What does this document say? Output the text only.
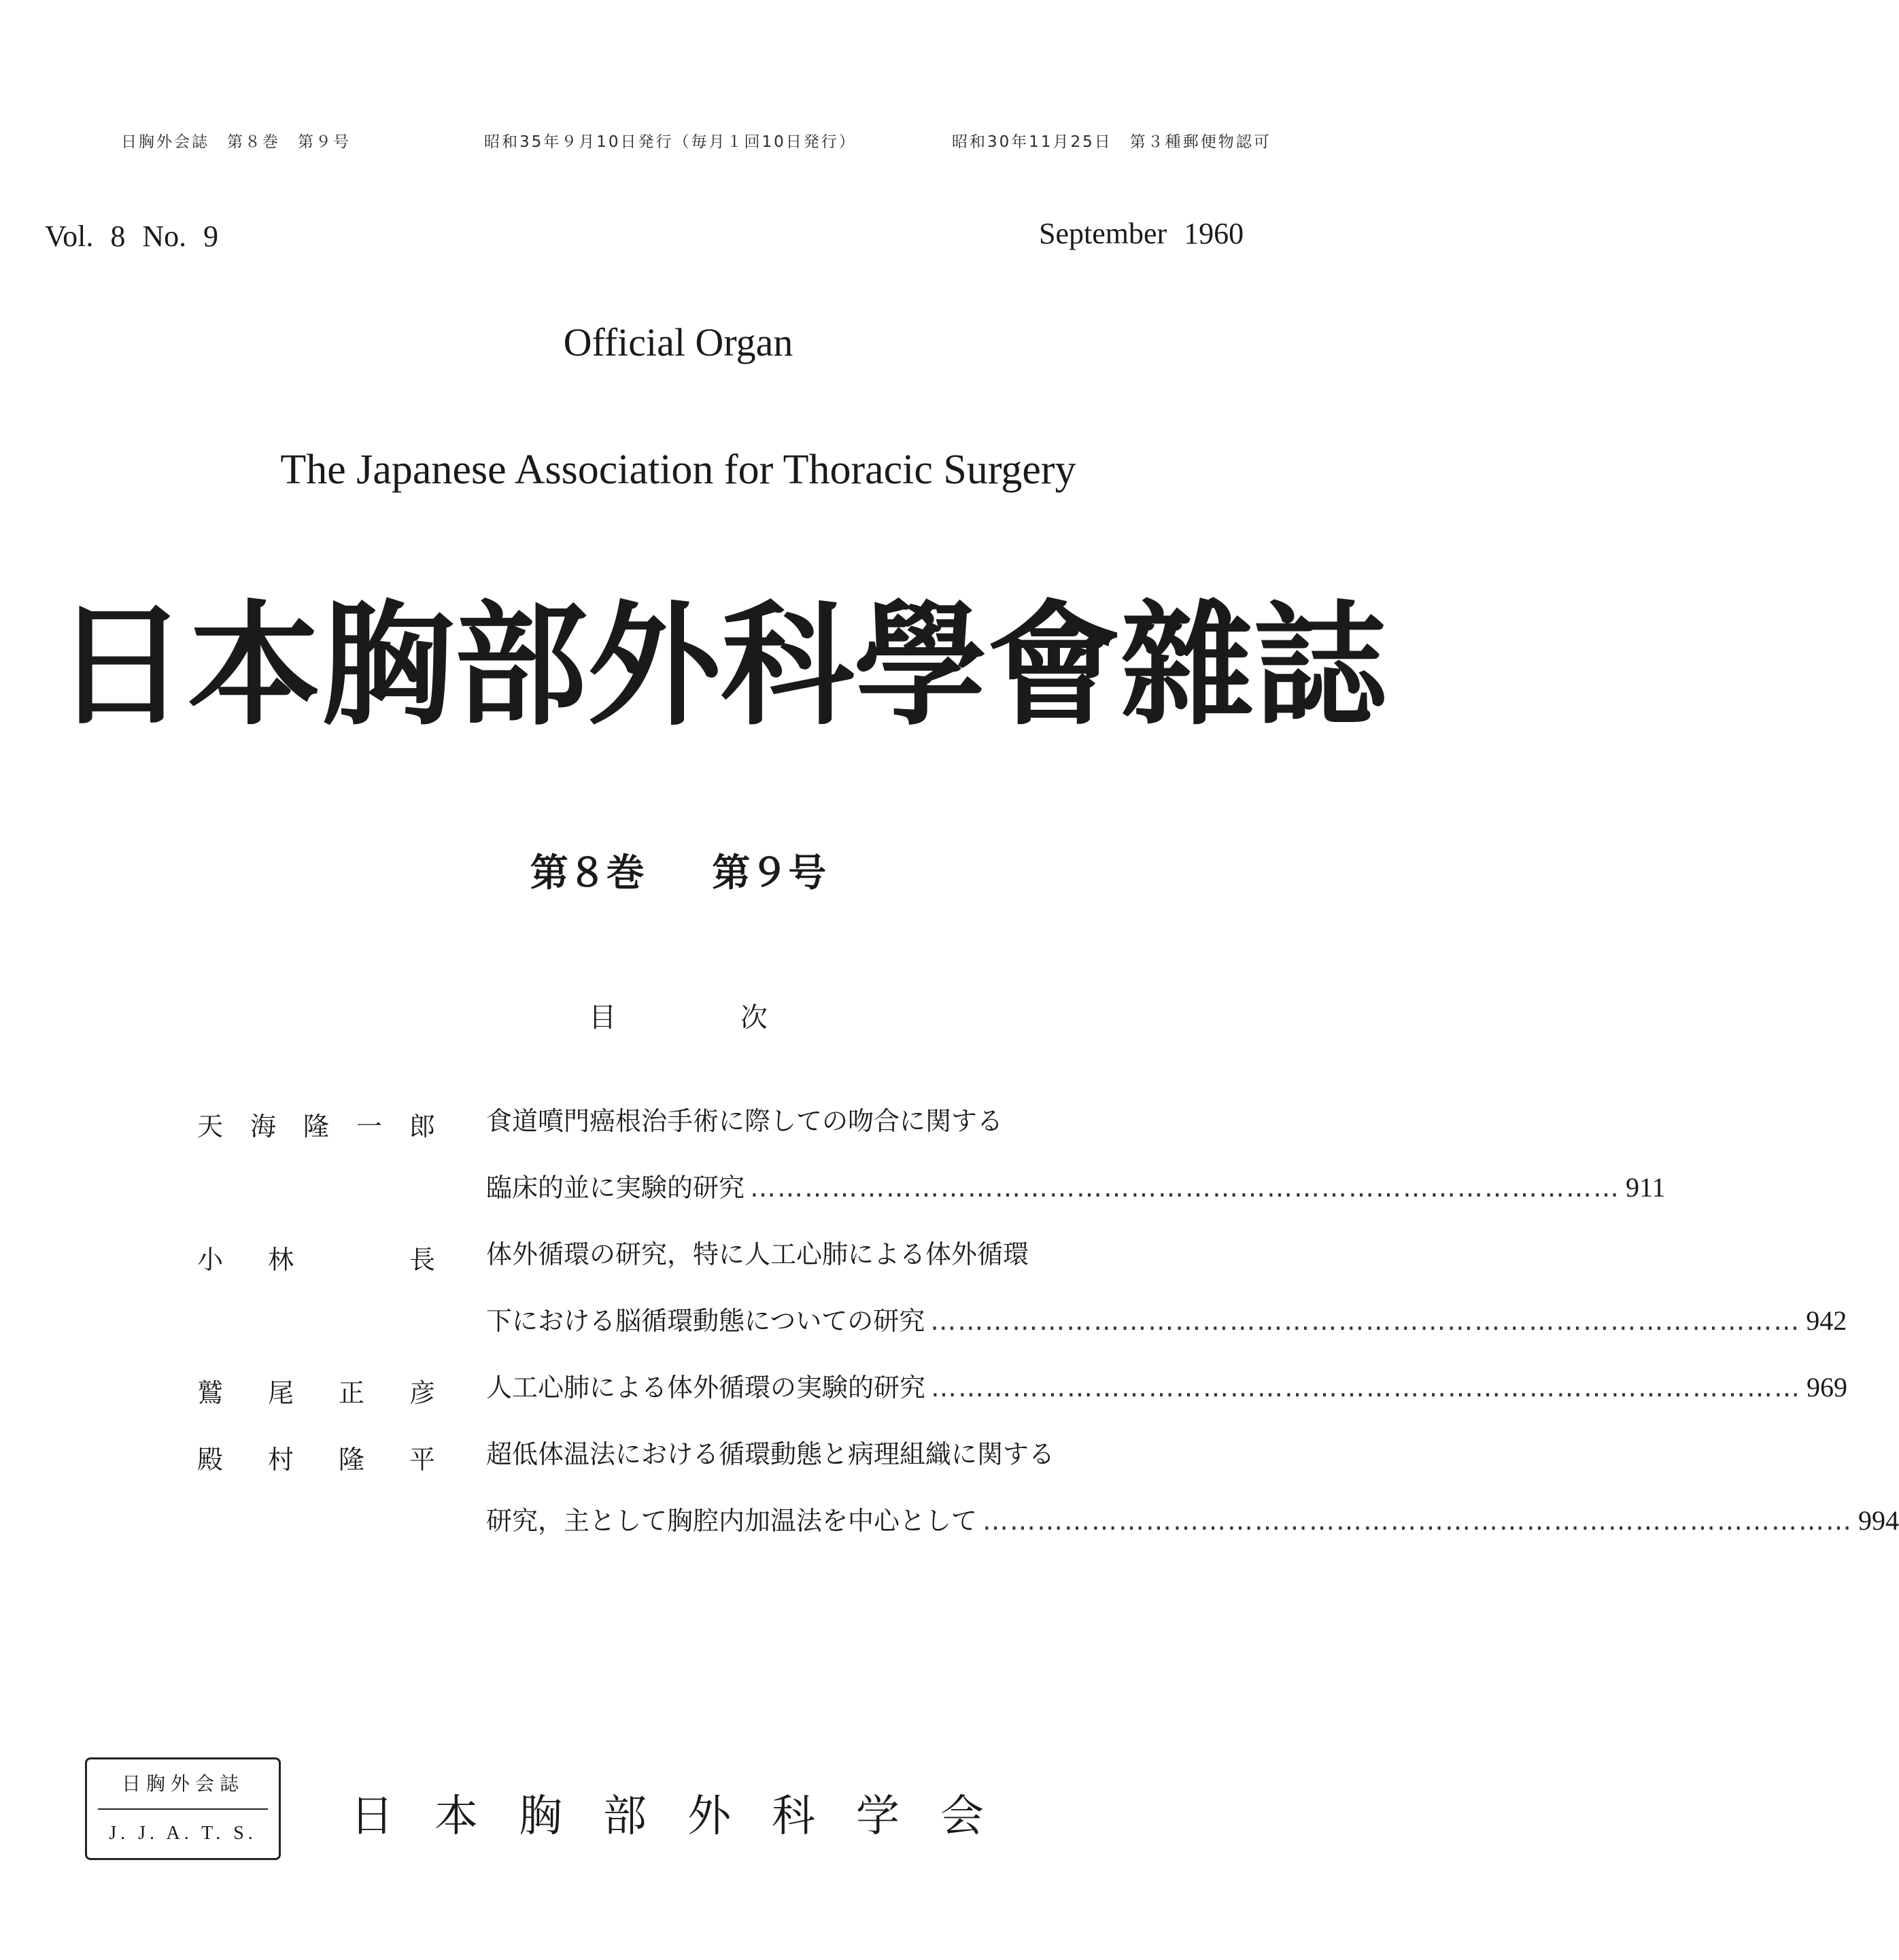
日胸外会誌　第８巻　第９号	昭和35年９月10日発行（毎月１回10日発行）	昭和30年11月25日　第３種郵便物認可
Vol. 8 No. 9	September 1960
Official Organ
The Japanese Association for Thoracic Surgery
日本胸部外科學會雜誌
第８巻 第９号
目 次
天海隆一郎 食道噴門癌根治手術に際しての吻合に関する
臨床的並に実験的研究 …………………………………………………………………………………… 911
小林　長 体外循環の研究，特に人工心肺による体外循環
下における脳循環動態についての研究 …………………………………………………………………………………… 942
鷲尾正彦 人工心肺による体外循環の実験的研究 …………………………………………………………………………………… 969
殿村隆平 超低体温法における循環動態と病理組織に関する
研究，主として胸腔内加温法を中心として …………………………………………………………………………………… 994
日胸外会誌
J. J. A. T. S.	日本胸部外科学会
